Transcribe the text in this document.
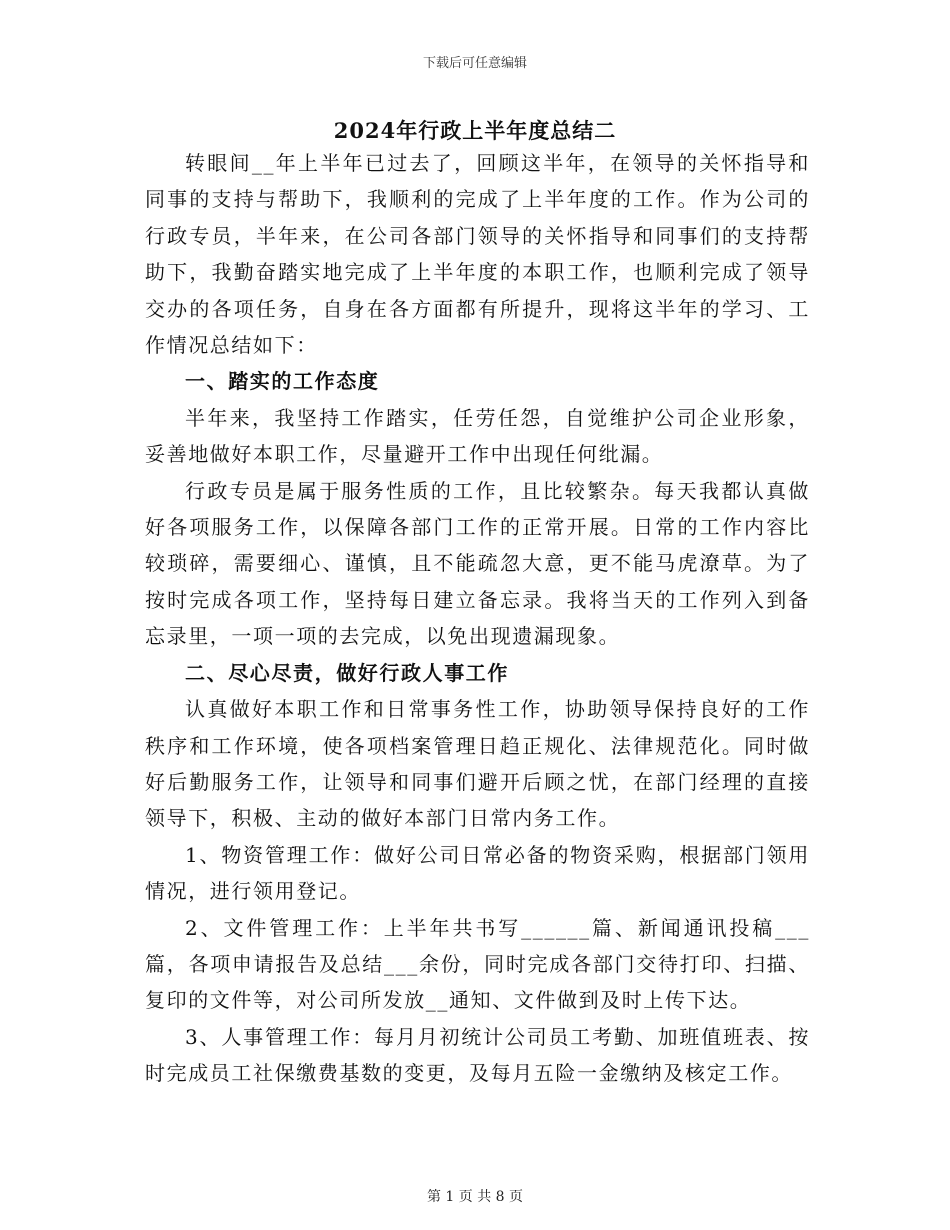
下载后可任意编辑
2024年行政上半年度总结二

转眼间__年上半年已过去了，回顾这半年，在领导的关怀指导和同事的支持与帮助下，我顺利的完成了上半年度的工作。作为公司的行政专员，半年来，在公司各部门领导的关怀指导和同事们的支持帮助下，我勤奋踏实地完成了上半年度的本职工作，也顺利完成了领导交办的各项任务，自身在各方面都有所提升，现将这半年的学习、工作情况总结如下：

一、踏实的工作态度

半年来，我坚持工作踏实，任劳任怨，自觉维护公司企业形象，妥善地做好本职工作，尽量避开工作中出现任何纰漏。

行政专员是属于服务性质的工作，且比较繁杂。每天我都认真做好各项服务工作，以保障各部门工作的正常开展。日常的工作内容比较琐碎，需要细心、谨慎，且不能疏忽大意，更不能马虎潦草。为了按时完成各项工作，坚持每日建立备忘录。我将当天的工作列入到备忘录里，一项一项的去完成，以免出现遗漏现象。

二、尽心尽责，做好行政人事工作

认真做好本职工作和日常事务性工作，协助领导保持良好的工作秩序和工作环境，使各项档案管理日趋正规化、法律规范化。同时做好后勤服务工作，让领导和同事们避开后顾之忧，在部门经理的直接领导下，积极、主动的做好本部门日常内务工作。

1、物资管理工作：做好公司日常必备的物资采购，根据部门领用情况，进行领用登记。

2、文件管理工作：上半年共书写______篇、新闻通讯投稿___篇，各项申请报告及总结___余份，同时完成各部门交待打印、扫描、复印的文件等，对公司所发放__通知、文件做到及时上传下达。

3、人事管理工作：每月月初统计公司员工考勤、加班值班表、按时完成员工社保缴费基数的变更，及每月五险一金缴纳及核定工作。

第 1 页 共 8 页
